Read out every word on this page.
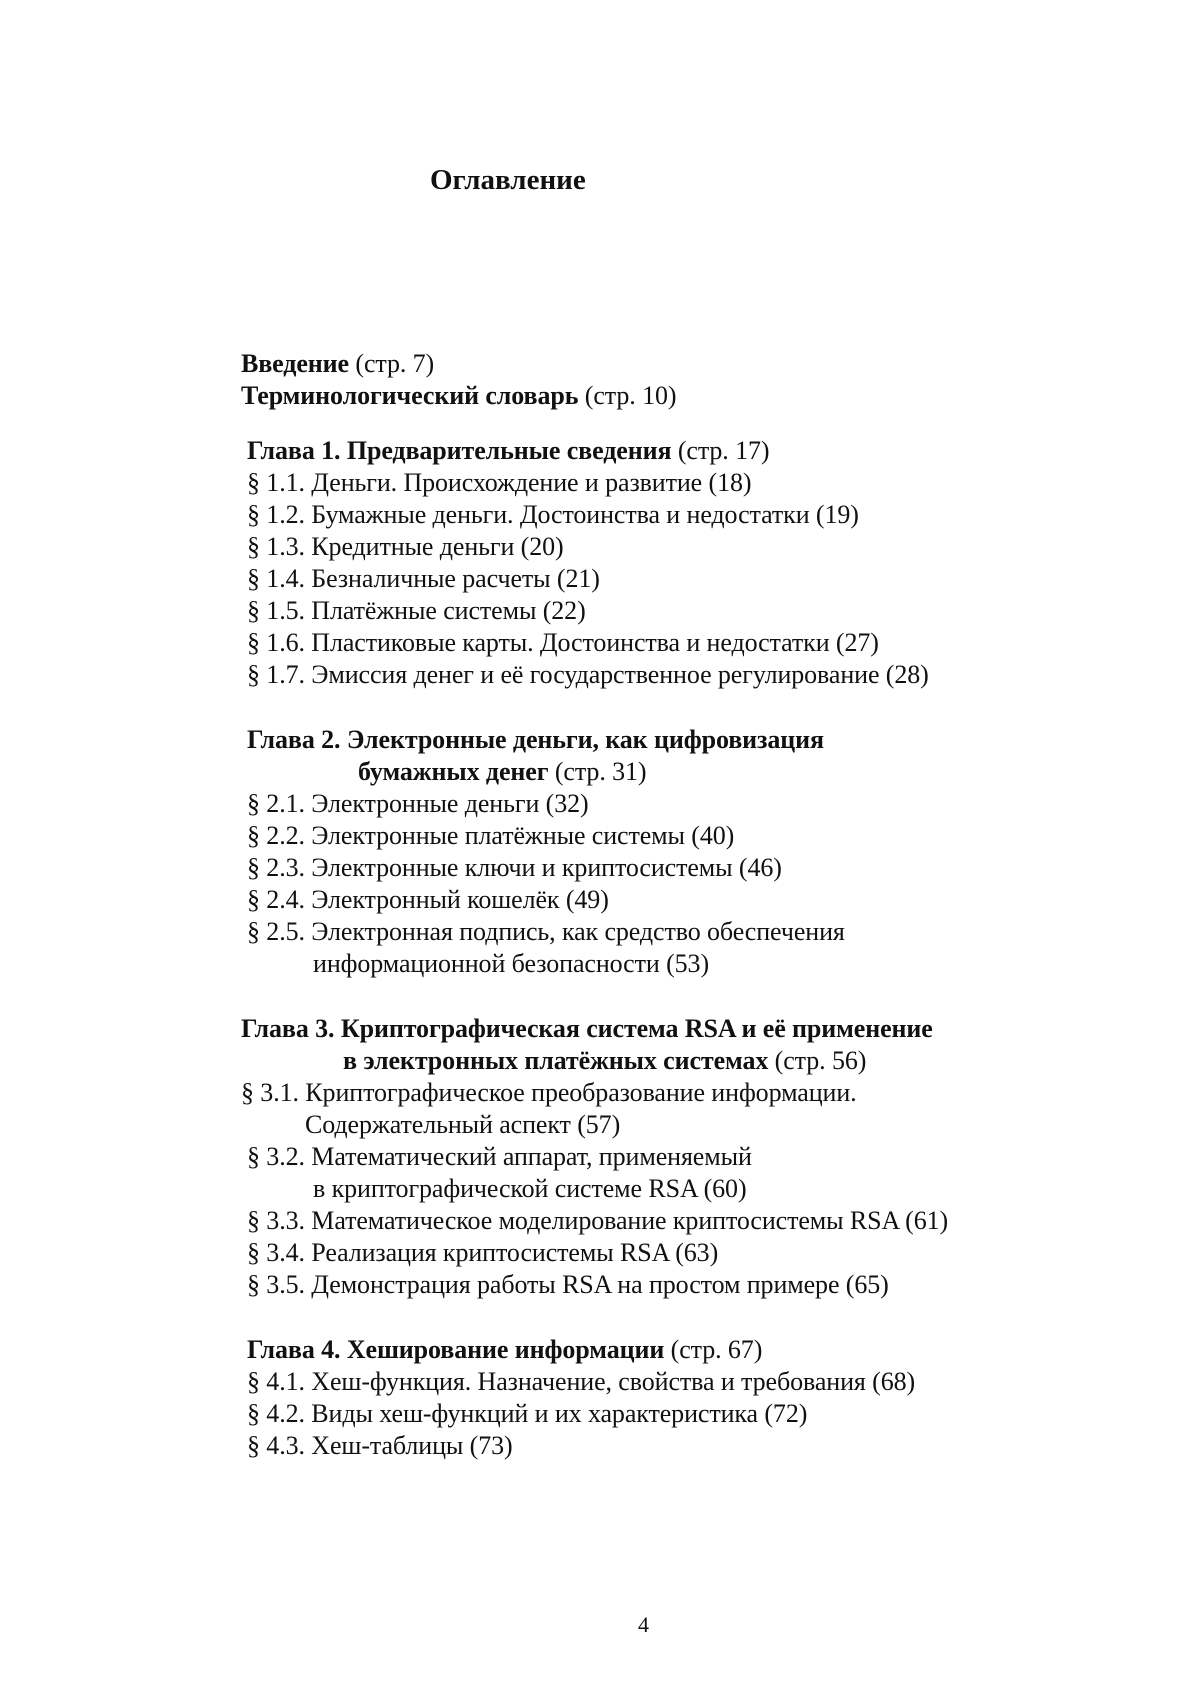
Оглавление
Введение (стр. 7)
Терминологический словарь (стр. 10)
Глава 1. Предварительные сведения (стр. 17)
§ 1.1. Деньги. Происхождение и развитие (18)
§ 1.2. Бумажные деньги. Достоинства и недостатки (19)
§ 1.3. Кредитные деньги (20)
§ 1.4. Безналичные расчеты (21)
§ 1.5. Платёжные системы (22)
§ 1.6. Пластиковые карты. Достоинства и недостатки (27)
§ 1.7. Эмиссия денег и её государственное регулирование (28)
Глава 2. Электронные деньги, как цифровизация
бумажных денег (стр. 31)
§ 2.1. Электронные деньги (32)
§ 2.2. Электронные платёжные системы (40)
§ 2.3. Электронные ключи и криптосистемы (46)
§ 2.4. Электронный кошелёк (49)
§ 2.5. Электронная подпись, как средство обеспечения
информационной безопасности (53)
Глава 3. Криптографическая система RSA и её применение
в электронных платёжных системах (стр. 56)
§ 3.1. Криптографическое преобразование информации.
Содержательный аспект (57)
§ 3.2. Математический аппарат, применяемый
в криптографической системе RSA (60)
§ 3.3. Математическое моделирование криптосистемы RSA (61)
§ 3.4. Реализация криптосистемы RSA (63)
§ 3.5. Демонстрация работы RSA на простом примере (65)
Глава 4. Хеширование информации (стр. 67)
§ 4.1. Хеш-функция. Назначение, свойства и требования (68)
§ 4.2. Виды хеш-функций и их характеристика (72)
§ 4.3. Хеш-таблицы (73)
4
